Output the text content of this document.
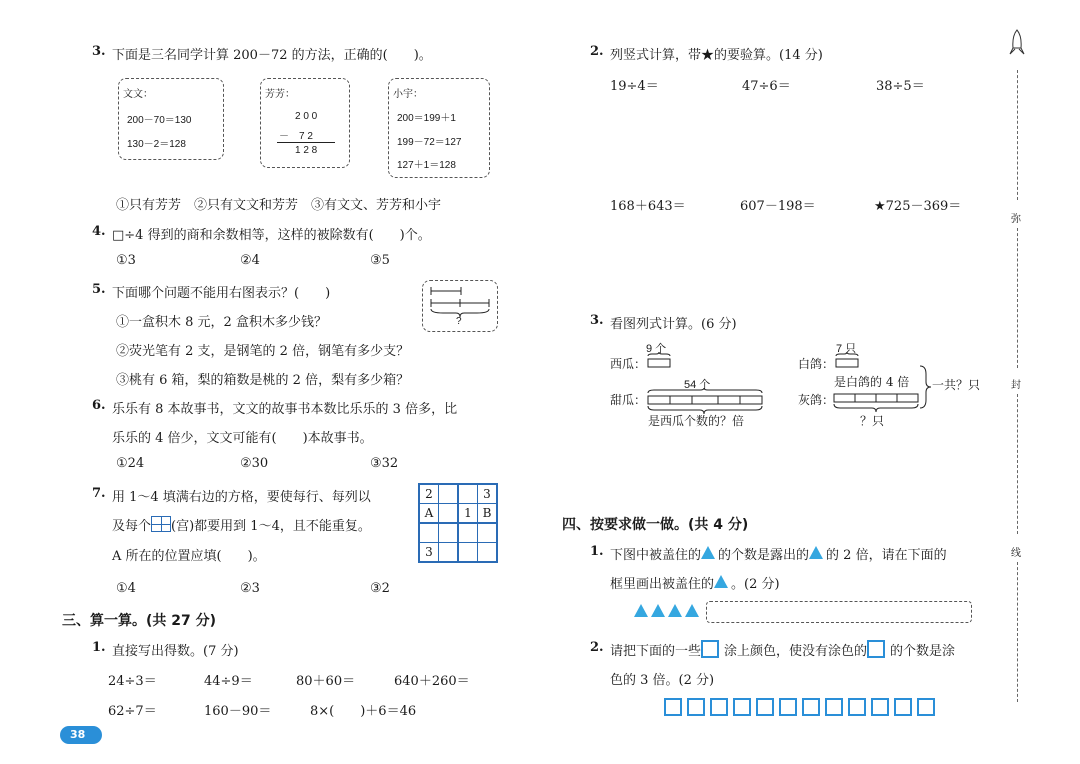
3. 下面是三名同学计算 200－72 的方法，正确的(　　)。
文文：
200－70＝130
130－2＝128
芳芳：
2 0 0
－　7 2
1 2 8
小宇：
200＝199＋1
199－72＝127
127＋1＝128
①只有芳芳　②只有文文和芳芳　③有文文、芳芳和小宇
4. □÷4 得到的商和余数相等，这样的被除数有(　　)个。
①3	②4	③5
5. 下面哪个问题不能用右图表示？(　　)
?
①一盒积木 8 元，2 盒积木多少钱？
②荧光笔有 2 支，是钢笔的 2 倍，钢笔有多少支？
③桃有 6 箱，梨的箱数是桃的 2 倍，梨有多少箱？
6. 乐乐有 8 本故事书，文文的故事书本数比乐乐的 3 倍多，比
乐乐的 4 倍少，文文可能有(　　)本故事书。
①24	②30	③32
7. 用 1～4 填满右边的方格，要使每行、每列以
及每个 (宫)都要用到 1～4，且不能重复。
A 所在的位置应填(　　)。
2			3
A		1	B

3			
①4	②3	③2
三、算一算。(共 27 分)
1. 直接写出得数。(7 分)
24÷3＝	44÷9＝	80＋60＝	640＋260＝
62÷7＝	160－90＝	8×(　　)＋6＝46
38
2. 列竖式计算，带★的要验算。(14 分)
19÷4＝	47÷6＝	38÷5＝
168＋643＝	607－198＝	★725－369＝
3. 看图列式计算。(6 分)
9 个
西瓜：
54 个
甜瓜：
是西瓜个数的？倍
7 只
白鸽：
是白鸽的 4 倍
灰鸽：
一共？只
？只
四、按要求做一做。(共 4 分)
1. 下图中被盖住的 的个数是露出的 的 2 倍，请在下面的
框里画出被盖住的 。(2 分)
2. 请把下面的一些 涂上颜色，使没有涂色的 的个数是涂
色的 3 倍。(2 分)
弥
封
线
